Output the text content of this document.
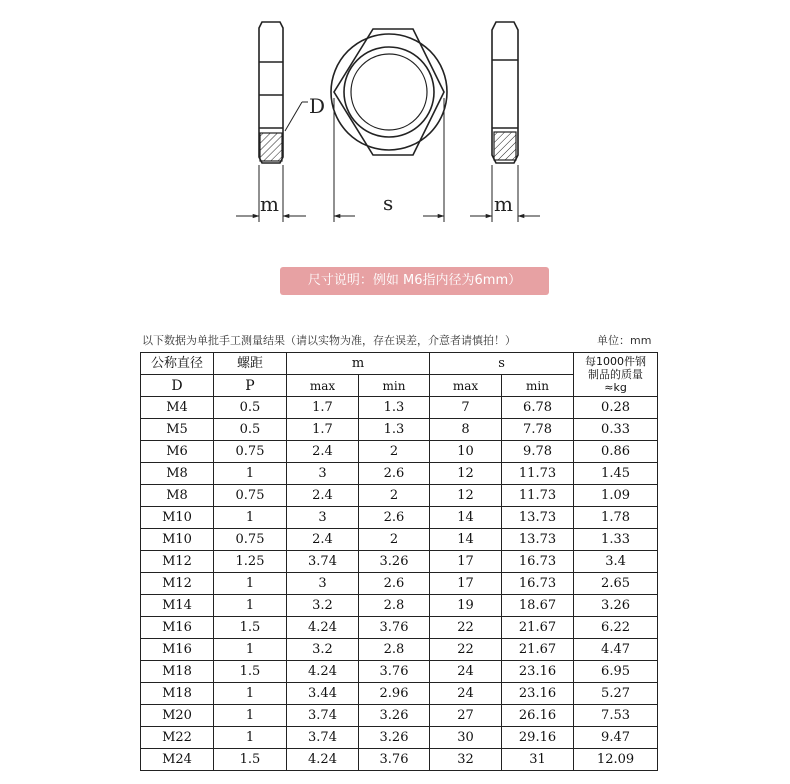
D
m	s	m
尺寸说明：例如 M6指内径为6mm）
以下数据为单批手工测量结果（请以实物为准，存在误差，介意者请慎拍！）	单位：mm
公称直径	螺距	m		s		每1000件钢
制品的质量
≈kg

D	P	max	min	max	min	
M4	0.5	1.7	1.3	7	6.78	0.28
M5	0.5	1.7	1.3	8	7.78	0.33
M6	0.75	2.4	2	10	9.78	0.86
M8	1	3	2.6	12	11.73	1.45
M8	0.75	2.4	2	12	11.73	1.09
M10	1	3	2.6	14	13.73	1.78
M10	0.75	2.4	2	14	13.73	1.33
M12	1.25	3.74	3.26	17	16.73	3.4
M12	1	3	2.6	17	16.73	2.65
M14	1	3.2	2.8	19	18.67	3.26
M16	1.5	4.24	3.76	22	21.67	6.22
M16	1	3.2	2.8	22	21.67	4.47
M18	1.5	4.24	3.76	24	23.16	6.95
M18	1	3.44	2.96	24	23.16	5.27
M20	1	3.74	3.26	27	26.16	7.53
M22	1	3.74	3.26	30	29.16	9.47
M24	1.5	4.24	3.76	32	31	12.09
